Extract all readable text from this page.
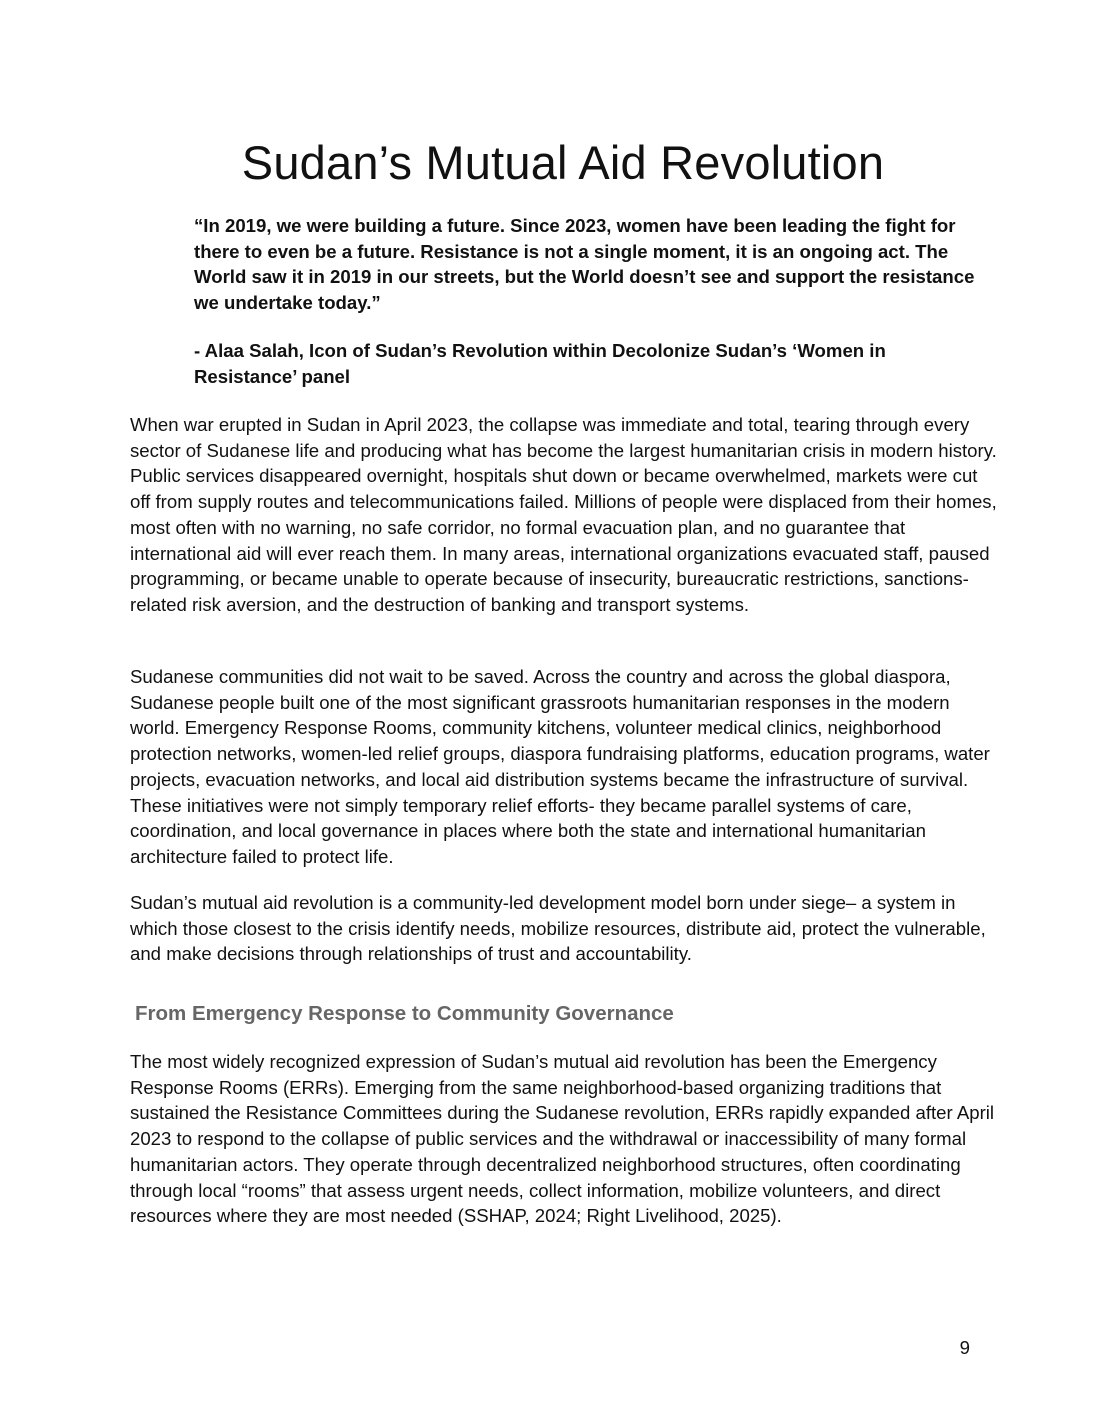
Sudan’s Mutual Aid Revolution

“In 2019, we were building a future. Since 2023, women have been leading the fight for there to even be a future. Resistance is not a single moment, it is an ongoing act. The World saw it in 2019 in our streets, but the World doesn’t see and support the resistance we undertake today.”

- Alaa Salah, Icon of Sudan’s Revolution within Decolonize Sudan’s ‘Women in Resistance’ panel

When war erupted in Sudan in April 2023, the collapse was immediate and total, tearing through every sector of Sudanese life and producing what has become the largest humanitarian crisis in modern history. Public services disappeared overnight, hospitals shut down or became overwhelmed, markets were cut off from supply routes and telecommunications failed. Millions of people were displaced from their homes, most often with no warning, no safe corridor, no formal evacuation plan, and no guarantee that international aid will ever reach them. In many areas, international organizations evacuated staff, paused programming, or became unable to operate because of insecurity, bureaucratic restrictions, sanctions-related risk aversion, and the destruction of banking and transport systems.

Sudanese communities did not wait to be saved. Across the country and across the global diaspora, Sudanese people built one of the most significant grassroots humanitarian responses in the modern world. Emergency Response Rooms, community kitchens, volunteer medical clinics, neighborhood protection networks, women-led relief groups, diaspora fundraising platforms, education programs, water projects, evacuation networks, and local aid distribution systems became the infrastructure of survival. These initiatives were not simply temporary relief efforts- they became parallel systems of care, coordination, and local governance in places where both the state and international humanitarian architecture failed to protect life.

Sudan’s mutual aid revolution is a community-led development model born under siege– a system in which those closest to the crisis identify needs, mobilize resources, distribute aid, protect the vulnerable, and make decisions through relationships of trust and accountability.

From Emergency Response to Community Governance

The most widely recognized expression of Sudan’s mutual aid revolution has been the Emergency Response Rooms (ERRs). Emerging from the same neighborhood-based organizing traditions that sustained the Resistance Committees during the Sudanese revolution, ERRs rapidly expanded after April 2023 to respond to the collapse of public services and the withdrawal or inaccessibility of many formal humanitarian actors. They operate through decentralized neighborhood structures, often coordinating through local “rooms” that assess urgent needs, collect information, mobilize volunteers, and direct resources where they are most needed (SSHAP, 2024; Right Livelihood, 2025).

9
